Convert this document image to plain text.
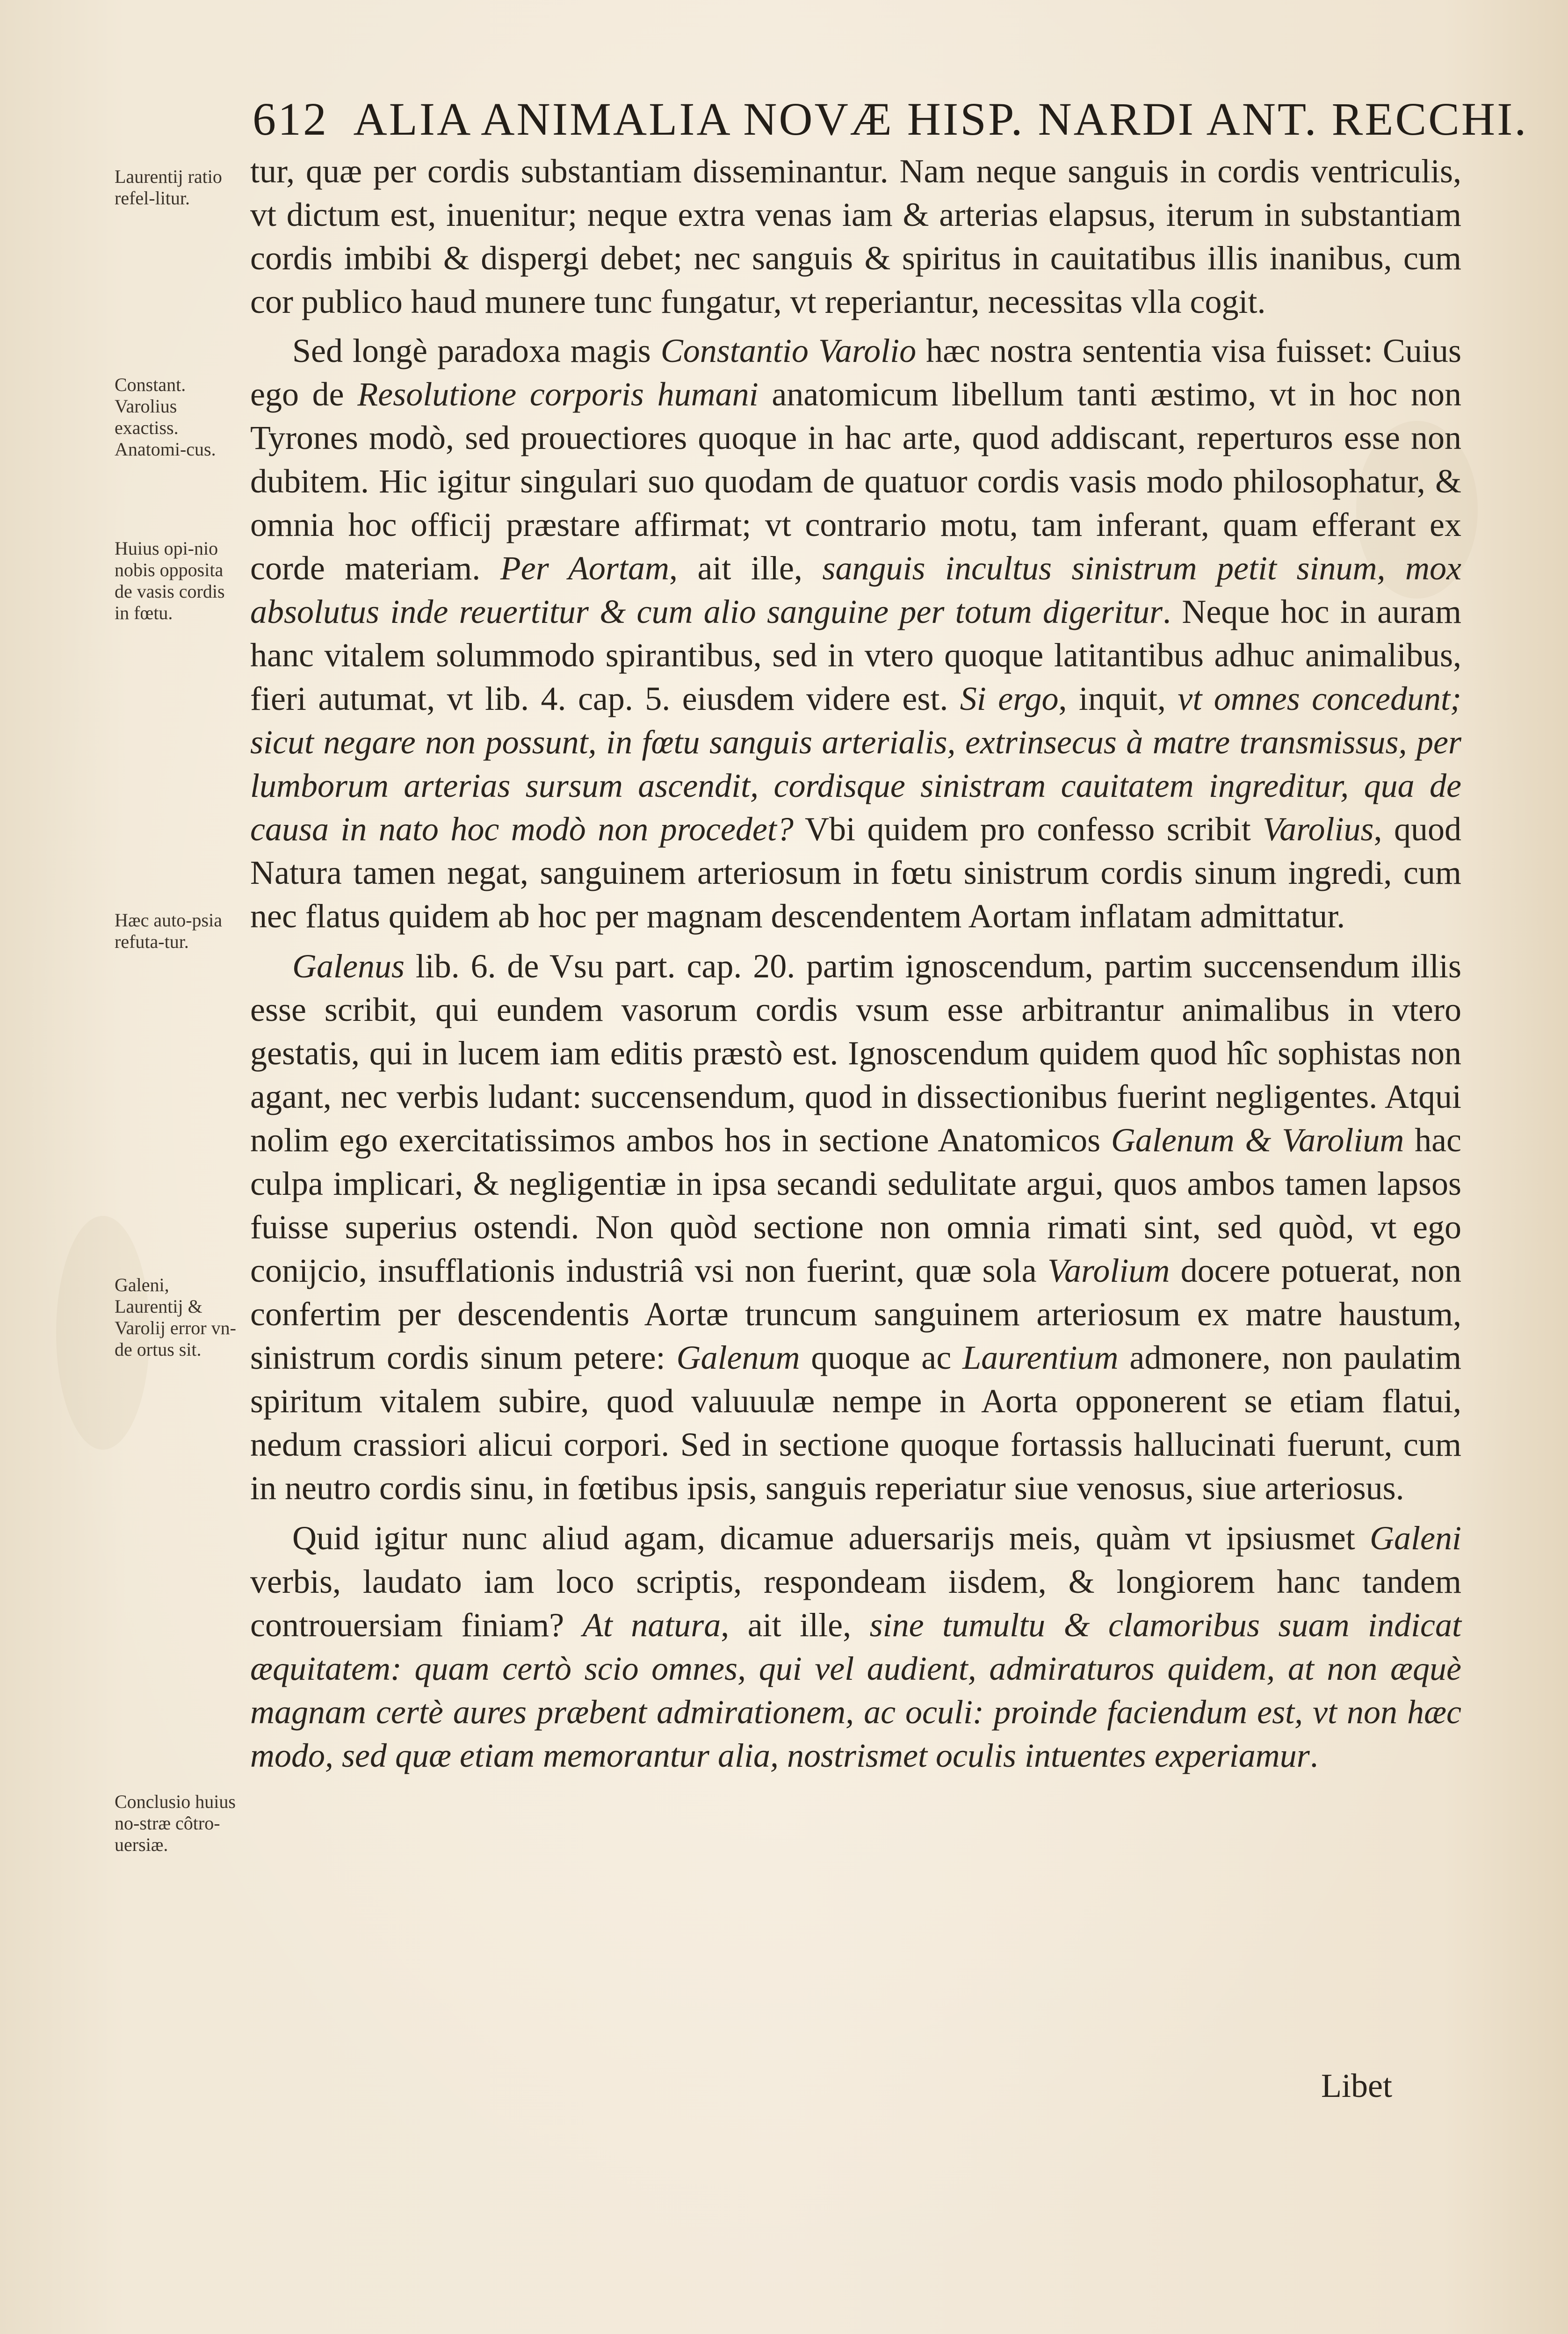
612 ALIA ANIMALIA NOVÆ HISP. NARDI ANT. RECCHI.
Laurentij ratio refel-litur.
Constant. Varolius exactiss. Anatomi-cus.
Huius opi-nio nobis opposita de vasis cordis in fœtu.
Hæc auto-psia refuta-tur.
Galeni, Laurentij & Varolij error vn-de ortus sit.
Conclusio huius no-stræ côtro-uersiæ.

tur, quæ per cordis substantiam disseminantur. Nam neque sanguis in cordis ventriculis, vt dictum est, inuenitur; neque extra venas iam & arterias elapsus, iterum in substantiam cordis imbibi & dispergi debet; nec sanguis & spiritus in cauitatibus illis inanibus, cum cor publico haud munere tunc fungatur, vt reperiantur, necessitas vlla cogit.

Sed longè paradoxa magis Constantio Varolio hæc nostra sententia visa fuisset: Cuius ego de Resolutione corporis humani anatomicum libellum tanti æstimo, vt in hoc non Tyrones modò, sed prouectiores quoque in hac arte, quod addiscant, reperturos esse non dubitem. Hic igitur singulari suo quodam de quatuor cordis vasis modo philosophatur, & omnia hoc officij præstare affirmat; vt contrario motu, tam inferant, quam efferant ex corde materiam. Per Aortam, ait ille, sanguis incultus sinistrum petit sinum, mox absolutus inde reuertitur & cum alio sanguine per totum digeritur. Neque hoc in auram hanc vitalem solummodo spirantibus, sed in vtero quoque latitantibus adhuc animalibus, fieri autumat, vt lib. 4. cap. 5. eiusdem videre est. Si ergo, inquit, vt omnes concedunt; sicut negare non possunt, in fœtu sanguis arterialis, extrinsecus à matre transmissus, per lumborum arterias sursum ascendit, cordisque sinistram cauitatem ingreditur, qua de causa in nato hoc modò non procedet? Vbi quidem pro confesso scribit Varolius, quod Natura tamen negat, sanguinem arteriosum in fœtu sinistrum cordis sinum ingredi, cum nec flatus quidem ab hoc per magnam descendentem Aortam inflatam admittatur.

Galenus lib. 6. de Vsu part. cap. 20. partim ignoscendum, partim succensendum illis esse scribit, qui eundem vasorum cordis vsum esse arbitrantur animalibus in vtero gestatis, qui in lucem iam editis præstò est. Ignoscendum quidem quod hîc sophistas non agant, nec verbis ludant: succensendum, quod in dissectionibus fuerint negligentes. Atqui nolim ego exercitatissimos ambos hos in sectione Anatomicos Galenum & Varolium hac culpa implicari, & negligentiæ in ipsa secandi sedulitate argui, quos ambos tamen lapsos fuisse superius ostendi. Non quòd sectione non omnia rimati sint, sed quòd, vt ego conijcio, insufflationis industriâ vsi non fuerint, quæ sola Varolium docere potuerat, non confertim per descendentis Aortæ truncum sanguinem arteriosum ex matre haustum, sinistrum cordis sinum petere: Galenum quoque ac Laurentium admonere, non paulatim spiritum vitalem subire, quod valuuulæ nempe in Aorta opponerent se etiam flatui, nedum crassiori alicui corpori. Sed in sectione quoque fortassis hallucinati fuerunt, cum in neutro cordis sinu, in fœtibus ipsis, sanguis reperiatur siue venosus, siue arteriosus.

Quid igitur nunc aliud agam, dicamue aduersarijs meis, quàm vt ipsiusmet Galeni verbis, laudato iam loco scriptis, respondeam iisdem, & longiorem hanc tandem controuersiam finiam? At natura, ait ille, sine tumultu & clamoribus suam indicat æquitatem: quam certò scio omnes, qui vel audient, admiraturos quidem, at non æquè magnam certè aures præbent admirationem, ac oculi: proinde faciendum est, vt non hæc modo, sed quæ etiam memorantur alia, nostrismet oculis intuentes experiamur.

Libet
